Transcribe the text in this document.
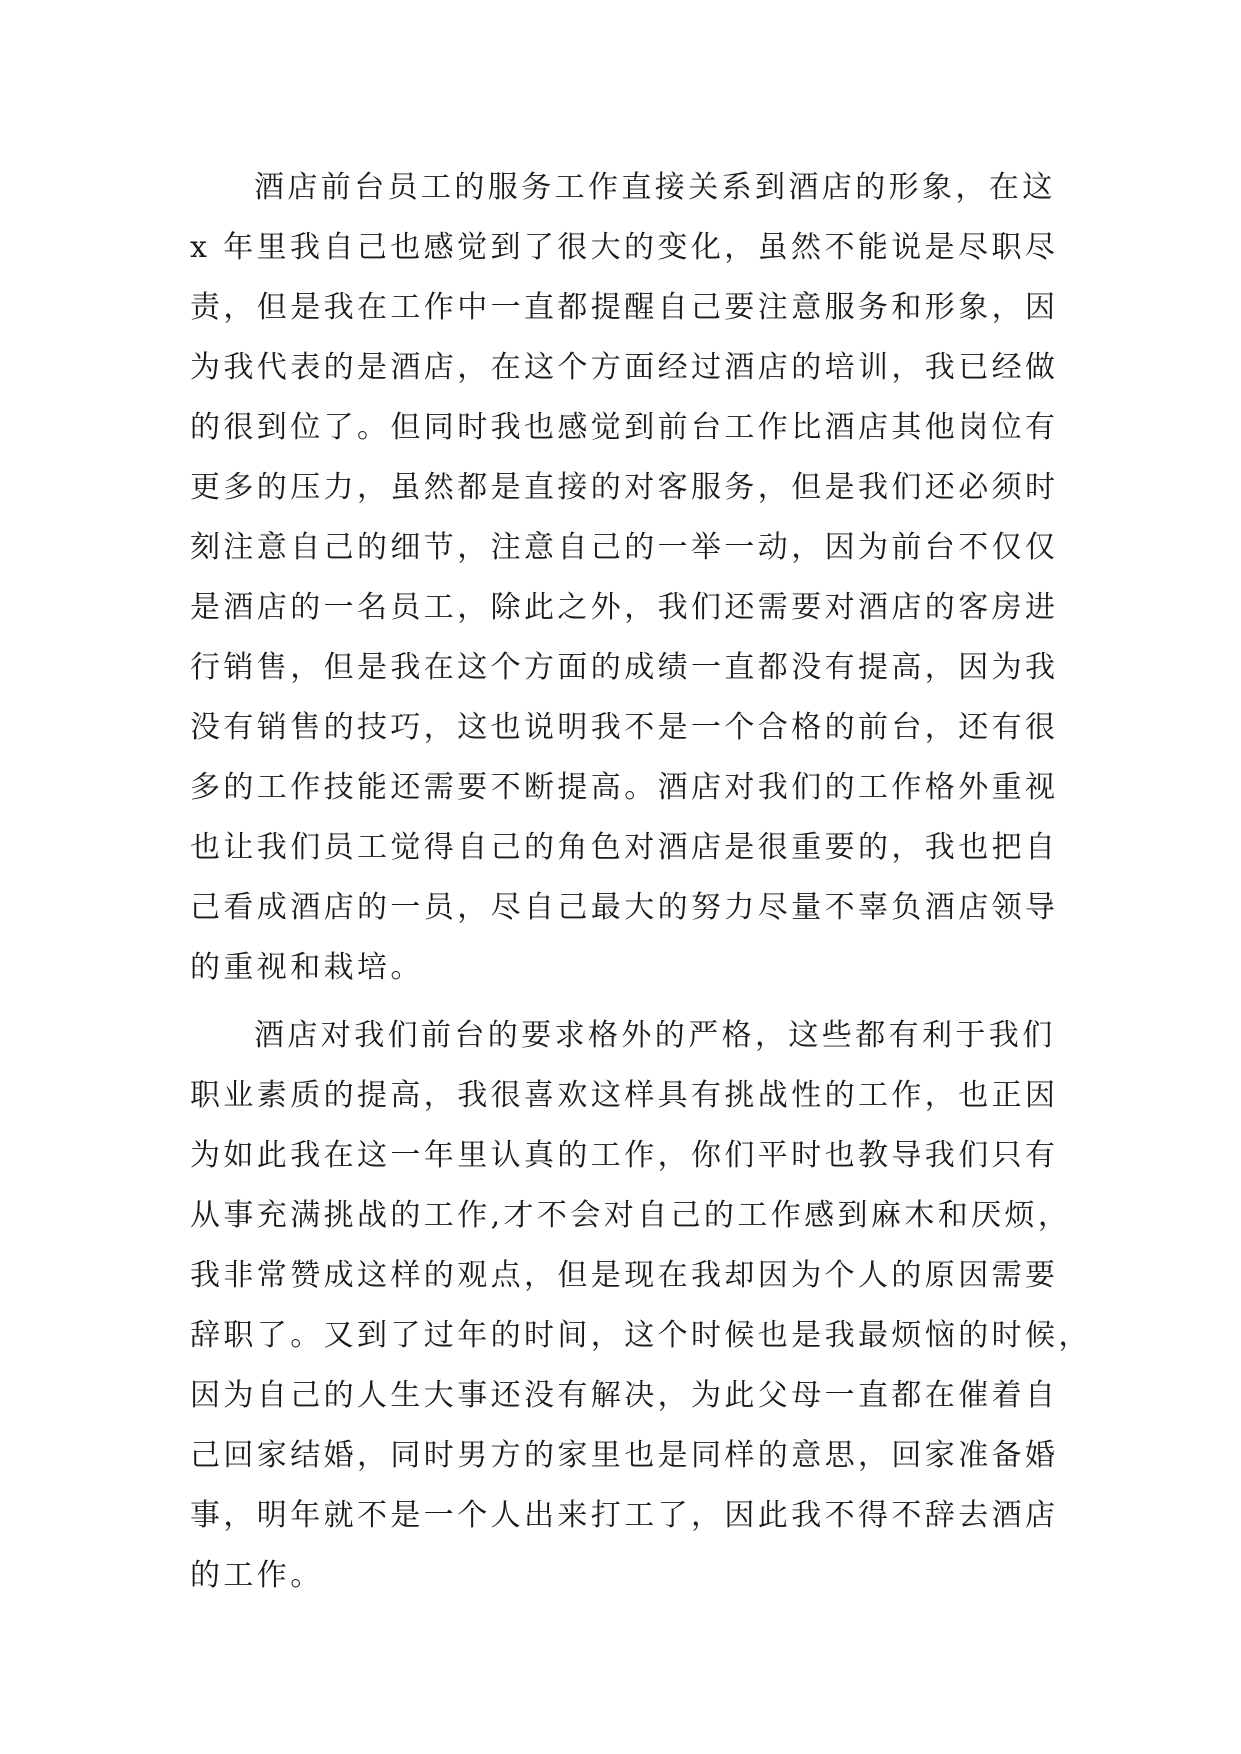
酒店前台员工的服务工作直接关系到酒店的形象，在这
x 年里我自己也感觉到了很大的变化，虽然不能说是尽职尽
责，但是我在工作中一直都提醒自己要注意服务和形象，因
为我代表的是酒店，在这个方面经过酒店的培训，我已经做
的很到位了。但同时我也感觉到前台工作比酒店其他岗位有
更多的压力，虽然都是直接的对客服务，但是我们还必须时
刻注意自己的细节，注意自己的一举一动，因为前台不仅仅
是酒店的一名员工，除此之外，我们还需要对酒店的客房进
行销售，但是我在这个方面的成绩一直都没有提高，因为我
没有销售的技巧，这也说明我不是一个合格的前台，还有很
多的工作技能还需要不断提高。酒店对我们的工作格外重视
也让我们员工觉得自己的角色对酒店是很重要的，我也把自
己看成酒店的一员，尽自己最大的努力尽量不辜负酒店领导
的重视和栽培。
酒店对我们前台的要求格外的严格，这些都有利于我们
职业素质的提高，我很喜欢这样具有挑战性的工作，也正因
为如此我在这一年里认真的工作，你们平时也教导我们只有
从事充满挑战的工作,才不会对自己的工作感到麻木和厌烦，
我非常赞成这样的观点，但是现在我却因为个人的原因需要
辞职了。又到了过年的时间，这个时候也是我最烦恼的时候，
因为自己的人生大事还没有解决，为此父母一直都在催着自
己回家结婚，同时男方的家里也是同样的意思，回家准备婚
事，明年就不是一个人出来打工了，因此我不得不辞去酒店
的工作。
